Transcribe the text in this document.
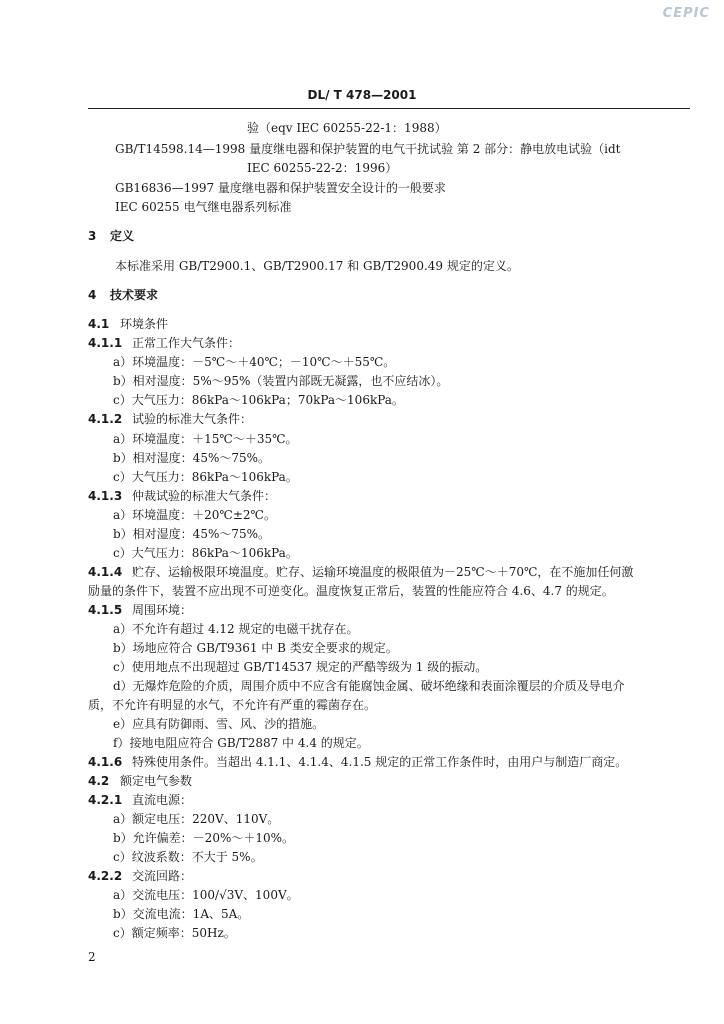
CEPIC
DL/ T 478—2001
验（eqv IEC 60255-22-1：1988）
GB/T14598.14—1998 量度继电器和保护装置的电气干扰试验 第 2 部分：静电放电试验（idt
IEC 60255-22-2：1996）
GB16836—1997 量度继电器和保护装置安全设计的一般要求
IEC 60255 电气继电器系列标准
3 定义
本标准采用 GB/T2900.1、GB/T2900.17 和 GB/T2900.49 规定的定义。
4 技术要求
4.1 环境条件
4.1.1 正常工作大气条件：
a）环境温度：－5℃～＋40℃；－10℃～＋55℃。
b）相对湿度：5%～95%（装置内部既无凝露，也不应结冰）。
c）大气压力：86kPa～106kPa；70kPa～106kPa。
4.1.2 试验的标准大气条件：
a）环境温度：＋15℃～＋35℃。
b）相对湿度：45%～75%。
c）大气压力：86kPa～106kPa。
4.1.3 仲裁试验的标准大气条件：
a）环境温度：＋20℃±2℃。
b）相对湿度：45%～75%。
c）大气压力：86kPa～106kPa。
4.1.4 贮存、运输极限环境温度。贮存、运输环境温度的极限值为－25℃～＋70℃，在不施加任何激
励量的条件下，装置不应出现不可逆变化。温度恢复正常后，装置的性能应符合 4.6、4.7 的规定。
4.1.5 周围环境：
a）不允许有超过 4.12 规定的电磁干扰存在。
b）场地应符合 GB/T9361 中 B 类安全要求的规定。
c）使用地点不出现超过 GB/T14537 规定的严酷等级为 1 级的振动。
d）无爆炸危险的介质，周围介质中不应含有能腐蚀金属、破坏绝缘和表面涂覆层的介质及导电介
质，不允许有明显的水气，不允许有严重的霉菌存在。
e）应具有防御雨、雪、风、沙的措施。
f）接地电阻应符合 GB/T2887 中 4.4 的规定。
4.1.6 特殊使用条件。当超出 4.1.1、4.1.4、4.1.5 规定的正常工作条件时，由用户与制造厂商定。
4.2 额定电气参数
4.2.1 直流电源：
a）额定电压：220V、110V。
b）允许偏差：－20%～＋10%。
c）纹波系数：不大于 5%。
4.2.2 交流回路：
a）交流电压：100/√3V、100V。
b）交流电流：1A、5A。
c）额定频率：50Hz。
2
